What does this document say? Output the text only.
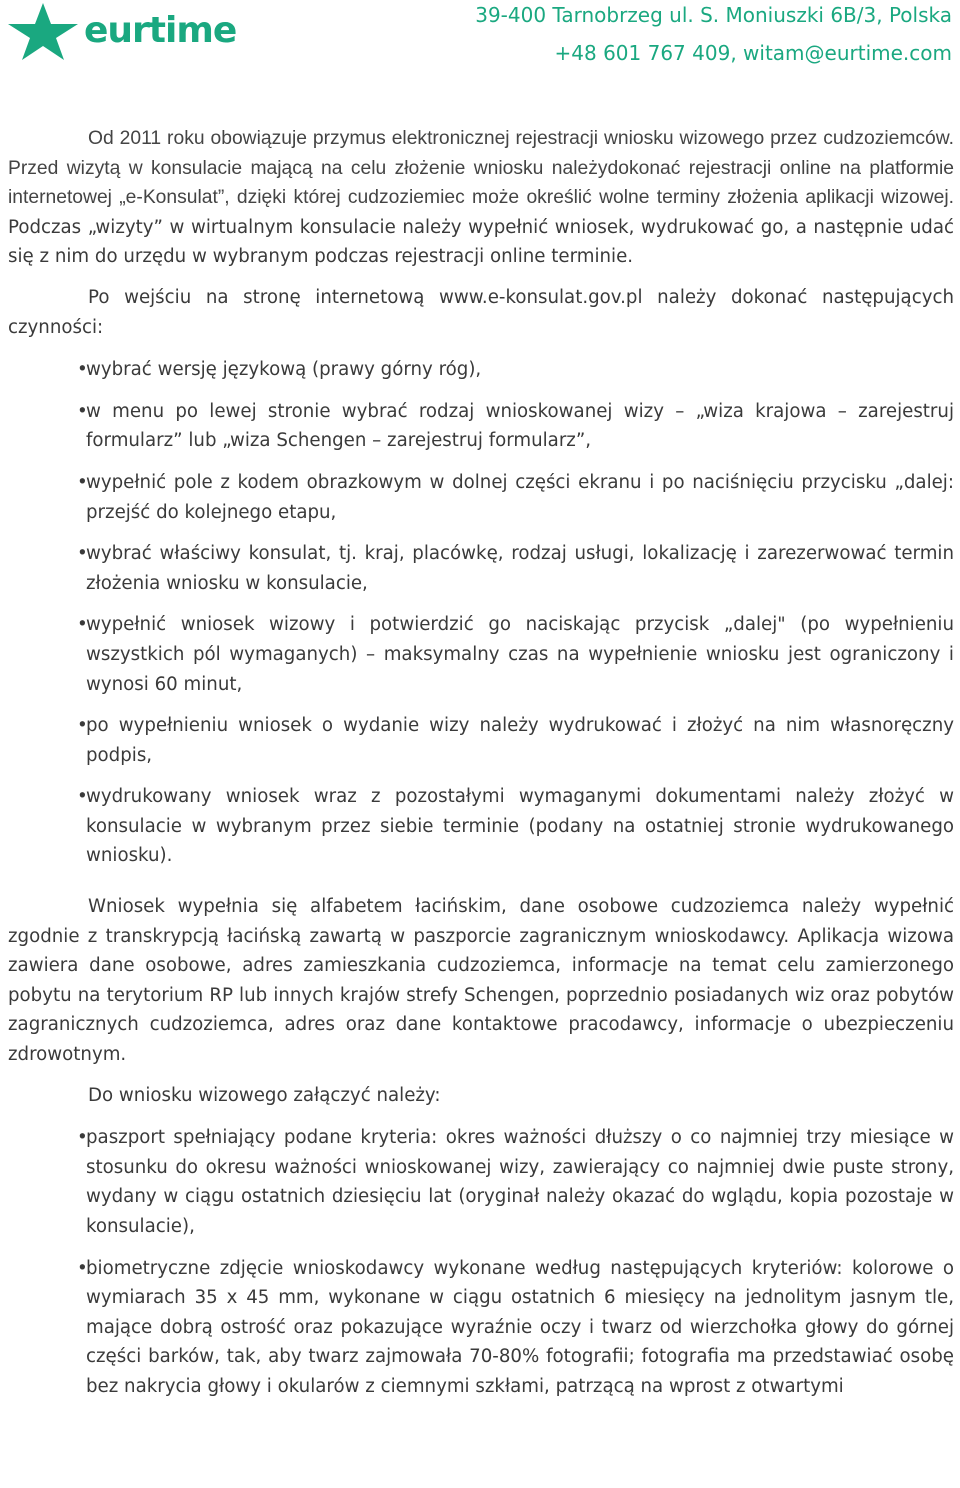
eurtime	39-400 Tarnobrzeg ul. S. Moniuszki 6B/3, Polska
+48 601 767 409, witam@eurtime.com

Od 2011 roku obowiązuje przymus elektronicznej rejestracji wniosku wizowego przez cudzoziemców. Przed wizytą w konsulacie mającą na celu złożenie wniosku należydokonać rejestracji online na platformie internetowej „e-Konsulat”, dzięki której cudzoziemiec może określić wolne terminy złożenia aplikacji wizowej. Podczas „wizyty” w wirtualnym konsulacie należy wypełnić wniosek, wydrukować go, a następnie udać się z nim do urzędu w wybranym podczas rejestracji online terminie.

Po wejściu na stronę internetową www.e-konsulat.gov.pl należy dokonać następujących czynności:

• wybrać wersję językową (prawy górny róg),
• w menu po lewej stronie wybrać rodzaj wnioskowanej wizy – „wiza krajowa – zarejestruj formularz” lub „wiza Schengen – zarejestruj formularz”,
• wypełnić pole z kodem obrazkowym w dolnej części ekranu i po naciśnięciu przycisku „dalej: przejść do kolejnego etapu,
• wybrać właściwy konsulat, tj. kraj, placówkę, rodzaj usługi, lokalizację i zarezerwować termin złożenia wniosku w konsulacie,
• wypełnić wniosek wizowy i potwierdzić go naciskając przycisk „dalej" (po wypełnieniu wszystkich pól wymaganych) – maksymalny czas na wypełnienie wniosku jest ograniczony i wynosi 60 minut,
• po wypełnieniu wniosek o wydanie wizy należy wydrukować i złożyć na nim własnoręczny podpis,
• wydrukowany wniosek wraz z pozostałymi wymaganymi dokumentami należy złożyć w konsulacie w wybranym przez siebie terminie (podany na ostatniej stronie wydrukowanego wniosku).

Wniosek wypełnia się alfabetem łacińskim, dane osobowe cudzoziemca należy wypełnić zgodnie z transkrypcją łacińską zawartą w paszporcie zagranicznym wnioskodawcy. Aplikacja wizowa zawiera dane osobowe, adres zamieszkania cudzoziemca, informacje na temat celu zamierzonego pobytu na terytorium RP lub innych krajów strefy Schengen, poprzednio posiadanych wiz oraz pobytów zagranicznych cudzoziemca, adres oraz dane kontaktowe pracodawcy, informacje o ubezpieczeniu zdrowotnym.

Do wniosku wizowego załączyć należy:

• paszport spełniający podane kryteria: okres ważności dłuższy o co najmniej trzy miesiące w stosunku do okresu ważności wnioskowanej wizy, zawierający co najmniej dwie puste strony, wydany w ciągu ostatnich dziesięciu lat (oryginał należy okazać do wglądu, kopia pozostaje w konsulacie),
• biometryczne zdjęcie wnioskodawcy wykonane według następujących kryteriów: kolorowe o wymiarach 35 x 45 mm, wykonane w ciągu ostatnich 6 miesięcy na jednolitym jasnym tle, mające dobrą ostrość oraz pokazujące wyraźnie oczy i twarz od wierzchołka głowy do górnej części barków, tak, aby twarz zajmowała 70-80% fotografii; fotografia ma przedstawiać osobę bez nakrycia głowy i okularów z ciemnymi szkłami, patrzącą na wprost z otwartymi
